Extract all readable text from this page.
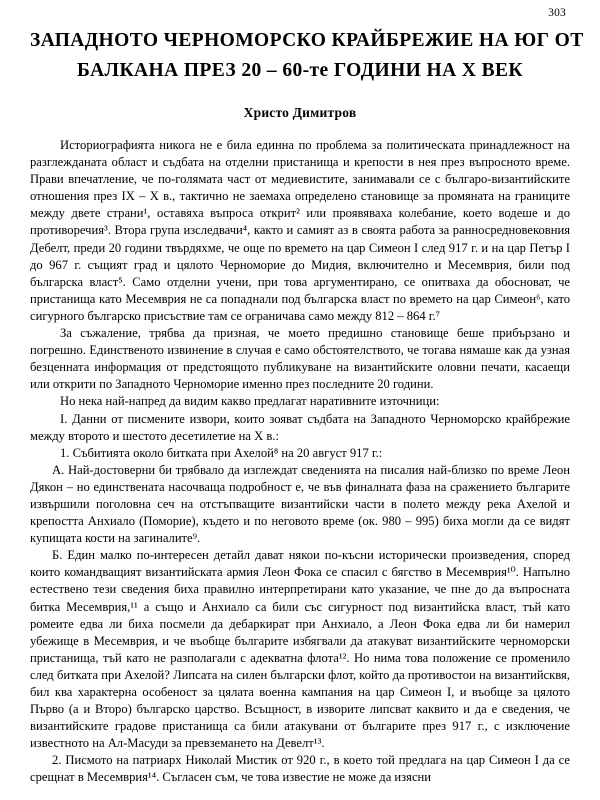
303
ЗАПАДНОТО ЧЕРНОМОРСКО КРАЙБРЕЖИЕ НА ЮГ ОТ
БАЛКАНА ПРЕЗ 20 – 60-те ГОДИНИ НА Х ВЕК
Христо Димитров

Историографията никога не е била единна по проблема за политическата принадлежност на разглежданата област и съдбата на отделни пристанища и крепости в нея през въпросното време. Прави впечатление, че по-голямата част от медиевистите, занимавали се с българо-византийските отношения през IX – X в., тактично не заемаха определено становище за промяната на границите между двете страни¹, оставяха въпроса открит² или проявяваха колебание, което водеше и до противоречия³. Втора група изследвачи⁴, както и самият аз в своята работа за ранносредновековния Дебелт, преди 20 години твърдяхме, че още по времето на цар Симеон I след 917 г. и на цар Петър I до 967 г. същият град и цялото Черноморие до Мидия, включително и Месемврия, били под българска власт⁵. Само отделни учени, при това аргументирано, се опитваха да обосноват, че пристанища като Месемврия не са попаднали под българска власт по времето на цар Симеон⁶, като сигурного българско присъствие там се ограничава само между 812 – 864 г.⁷

За съжаление, трябва да призная, че моето предишно становище беше прибързано и погрешно. Единственото извинение в случая е само обстоятелството, че тогава нямаше как да узная безценната информация от предстоящото публикуване на византийските оловни печати, касаещи или открити по Западното Черноморие именно през последните 20 години.

Но нека най-напред да видим какво предлагат наративните източници:

I. Данни от писмените извори, които зояват съдбата на Западното Черноморско крайбрежие между второто и шестото десетилетие на Х в.:

1. Събитията около битката при Ахелой⁸ на 20 август 917 г.:

А. Най-достоверни би трябвало да изглеждат сведенията на писалия най-близко по време Леон Дякон – но единствената насочваща подробност е, че във финалната фаза на сражението българите извършили поголовна сеч на отстъпващите византийски части в полето между река Ахелой и крепостта Анхиало (Поморие), където и по неговото време (ок. 980 – 995) биха могли да се видят купищата кости на загиналите⁹.

Б. Един малко по-интересен детайл дават някои по-късни исторически произведения, според които командващият византийската армия Леон Фока се спасил с бягство в Месемврия¹⁰. Напълно естествено тези сведения биха правилно интерпретирани като указание, че пне до да въпросната битка Месемврия,¹¹ а също и Анхиало са били със сигурност под византийска власт, тъй като ромеите едва ли биха посмели да дебаркират при Анхиало, а Леон Фока едва ли би намерил убежище в Месемврия, и че въобще българите избягвали да атакуват византийските черноморски пристанища, тъй като не разполагали с адекватна флота¹². Но нима това положение се променило след битката при Ахелой? Липсата на силен български флот, който да противостои на византийсквя, бил ква характерна особеност за цялата военна кампания на цар Симеон I, и въобще за цялото Първо (а и Второ) българско царство. Всъщност, в изворите липсват каквито и да е сведения, че византийските градове пристанища са били атакувани от българите през 917 г., с изключение известното на Ал-Масуди за превземането на Девелт¹³.

2. Писмото на патриарх Николай Мистик от 920 г., в което той предлага на цар Симеон I да се срещнат в Месемврия¹⁴. Съгласен съм, че това известие не може да изясни
